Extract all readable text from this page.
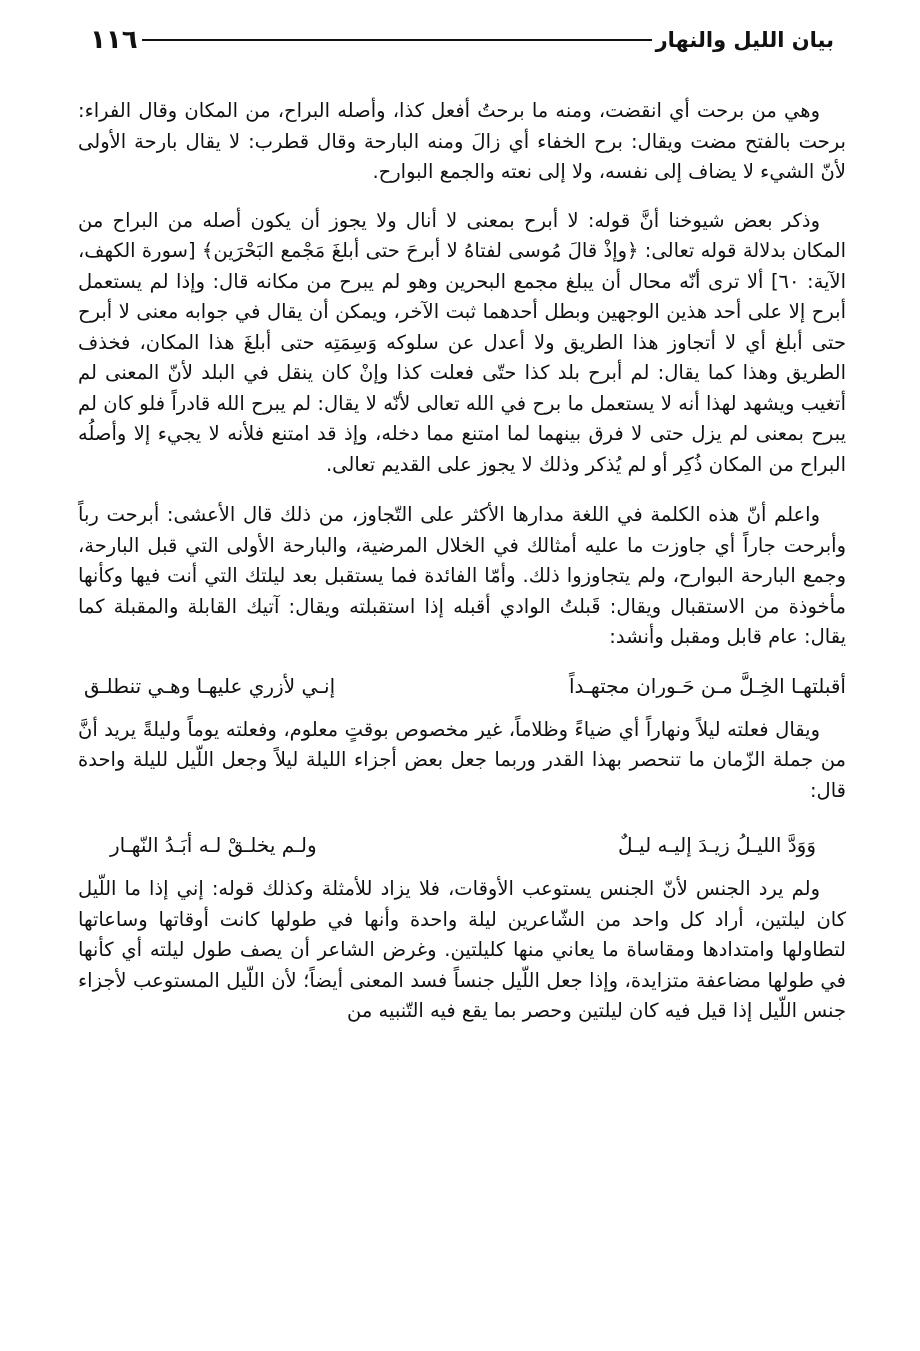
بيان الليل والنهار
١١٦

وهي من برحت أي انقضت، ومنه ما برحتُ أفعل كذا، وأصله البراح، من المكان وقال الفراء: برحت بالفتح مضت ويقال: برح الخفاء أي زالَ ومنه البارحة وقال قطرب: لا يقال بارحة الأولى لأنّ الشيء لا يضاف إلى نفسه، ولا إلى نعته والجمع البوارح.

وذكر بعض شيوخنا أنَّ قوله: لا أبرح بمعنى لا أنال ولا يجوز أن يكون أصله من البراح من المكان بدلالة قوله تعالى: ﴿وإذْ قالَ مُوسى لفتاهُ لا أبرحَ حتى أبلغَ مَجْمع البَحْرَين﴾ [سورة الكهف، الآية: ٦٠] ألا ترى أنّه محال أن يبلغ مجمع البحرين وهو لم يبرح من مكانه قال: وإذا لم يستعمل أبرح إلا على أحد هذين الوجهين وبطل أحدهما ثبت الآخر، ويمكن أن يقال في جوابه معنى لا أبرح حتى أبلغ أي لا أتجاوز هذا الطريق ولا أعدل عن سلوكه وَسِمَتِه حتى أبلغَ هذا المكان، فخذف الطريق وهذا كما يقال: لم أبرح بلد كذا حتّى فعلت كذا وإنْ كان ينقل في البلد لأنّ المعنى لم أتغيب ويشهد لهذا أنه لا يستعمل ما برح في الله تعالى لأنّه لا يقال: لم يبرح الله قادراً فلو كان لم يبرح بمعنى لم يزل حتى لا فرق بينهما لما امتنع مما دخله، وإذ قد امتنع فلأنه لا يجيء إلا وأصلُه البراح من المكان ذُكِر أو لم يُذكر وذلك لا يجوز على القديم تعالى.

واعلم أنّ هذه الكلمة في اللغة مدارها الأكثر على التّجاوز، من ذلك قال الأعشى: أبرحت رباً وأبرحت جاراً أي جاوزت ما عليه أمثالك في الخلال المرضية، والبارحة الأولى التي قبل البارحة، وجمع البارحة البوارح، ولم يتجاوزوا ذلك. وأمّا الفائدة فما يستقبل بعد ليلتك التي أنت فيها وكأنها مأخوذة من الاستقبال ويقال: قَبلتُ الوادي أقبله إذا استقبلته ويقال: آتيك القابلة والمقبلة كما يقال: عام قابل ومقبل وأنشد:

أقبلتهـا الخِـلَّ مـن حَـوران مجتهـداً
إنـي لأزري عليهـا وهـي تنطلـق

ويقال فعلته ليلاً ونهاراً أي ضياءً وظلاماً، غير مخصوص بوقتٍ معلوم، وفعلته يوماً وليلةً يريد أنَّ من جملة الزّمان ما تنحصر بهذا القدر وربما جعل بعض أجزاء الليلة ليلاً وجعل اللّيل لليلة واحدة قال:

وَوَدَّ الليـلُ زيـدَ إليـه ليـلٌ
ولـم يخلـقْ لـه أبَـدُ النّهـار

ولم يرد الجنس لأنّ الجنس يستوعب الأوقات، فلا يزاد للأمثلة وكذلك قوله: إني إذا ما اللّيل كان ليلتين، أراد كل واحد من الشّاعرين ليلة واحدة وأنها في طولها كانت أوقاتها وساعاتها لتطاولها وامتدادها ومقاساة ما يعاني منها كليلتين. وغرض الشاعر أن يصف طول ليلته أي كأنها في طولها مضاعفة متزايدة، وإذا جعل اللّيل جنساً فسد المعنى أيضاً؛ لأن اللّيل المستوعب لأجزاء جنس اللّيل إذا قيل فيه كان ليلتين وحصر بما يقع فيه التّنبيه من
